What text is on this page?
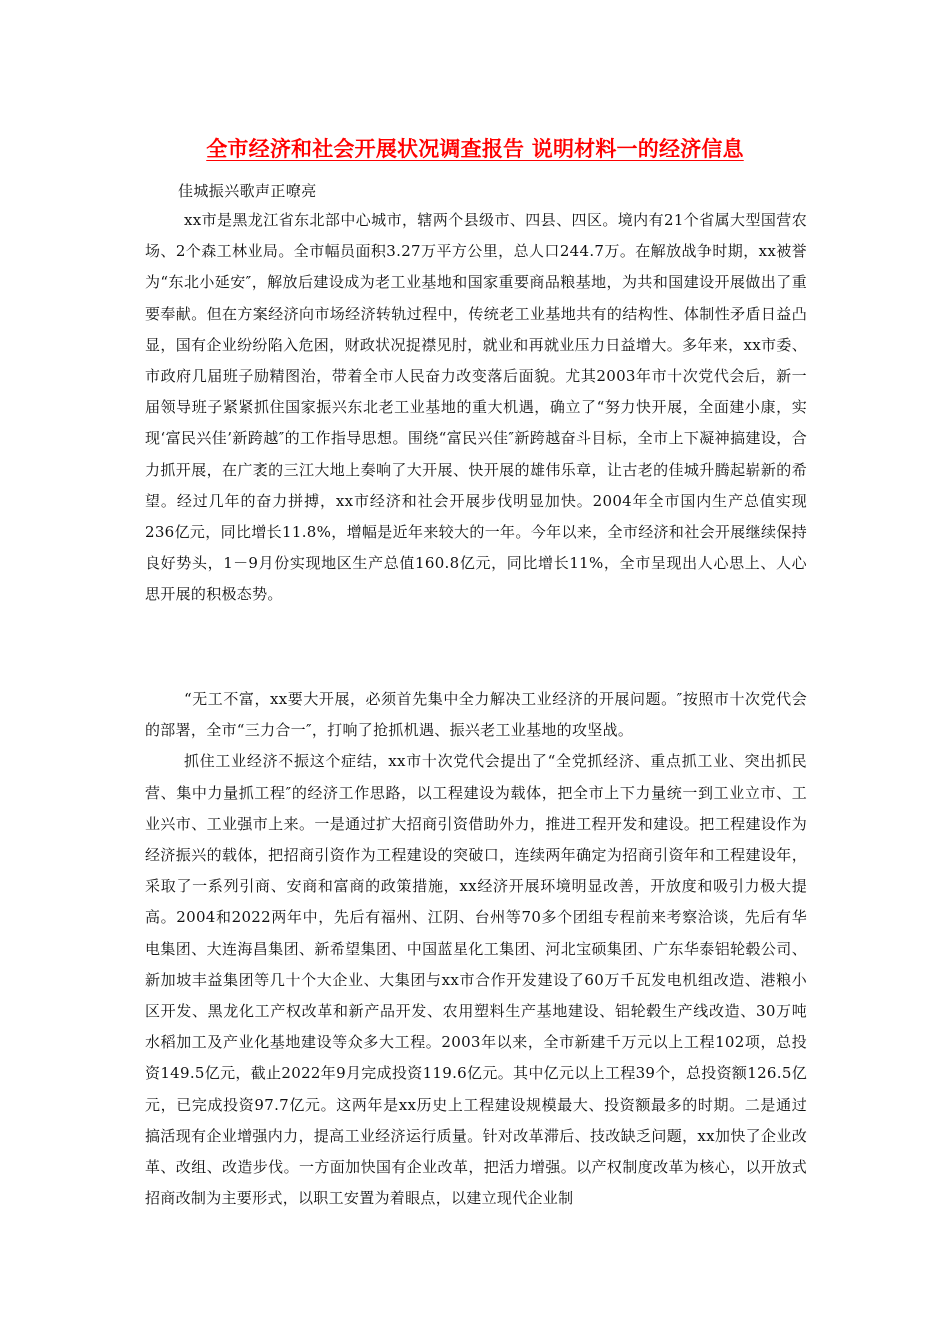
全市经济和社会开展状况调查报告 说明材料一的经济信息
佳城振兴歌声正嘹亮

xx市是黑龙江省东北部中心城市，辖两个县级市、四县、四区。境内有21个省属大型国营农场、2个森工林业局。全市幅员面积3.27万平方公里，总人口244.7万。在解放战争时期，xx被誉为“东北小延安″，解放后建设成为老工业基地和国家重要商品粮基地，为共和国建设开展做出了重要奉献。但在方案经济向市场经济转轨过程中，传统老工业基地共有的结构性、体制性矛盾日益凸显，国有企业纷纷陷入危困，财政状况捉襟见肘，就业和再就业压力日益增大。多年来，xx市委、市政府几届班子励精图治，带着全市人民奋力改变落后面貌。尤其2003年市十次党代会后，新一届领导班子紧紧抓住国家振兴东北老工业基地的重大机遇，确立了“努力快开展，全面建小康，实现‘富民兴佳’新跨越″的工作指导思想。围绕“富民兴佳″新跨越奋斗目标，全市上下凝神搞建设，合力抓开展，在广袤的三江大地上奏响了大开展、快开展的雄伟乐章，让古老的佳城升腾起崭新的希望。经过几年的奋力拼搏，xx市经济和社会开展步伐明显加快。2004年全市国内生产总值实现236亿元，同比增长11.8%，增幅是近年来较大的一年。今年以来，全市经济和社会开展继续保持良好势头，1－9月份实现地区生产总值160.8亿元，同比增长11%，全市呈现出人心思上、人心思开展的积极态势。

“无工不富，xx要大开展，必须首先集中全力解决工业经济的开展问题。″按照市十次党代会的部署，全市“三力合一″，打响了抢抓机遇、振兴老工业基地的攻坚战。

抓住工业经济不振这个症结，xx市十次党代会提出了“全党抓经济、重点抓工业、突出抓民营、集中力量抓工程″的经济工作思路，以工程建设为载体，把全市上下力量统一到工业立市、工业兴市、工业强市上来。一是通过扩大招商引资借助外力，推进工程开发和建设。把工程建设作为经济振兴的载体，把招商引资作为工程建设的突破口，连续两年确定为招商引资年和工程建设年，采取了一系列引商、安商和富商的政策措施，xx经济开展环境明显改善，开放度和吸引力极大提高。2004和2022两年中，先后有福州、江阴、台州等70多个团组专程前来考察洽谈，先后有华电集团、大连海昌集团、新希望集团、中国蓝星化工集团、河北宝硕集团、广东华泰铝轮毂公司、新加坡丰益集团等几十个大企业、大集团与xx市合作开发建设了60万千瓦发电机组改造、港粮小区开发、黑龙化工产权改革和新产品开发、农用塑料生产基地建设、铝轮毂生产线改造、30万吨水稻加工及产业化基地建设等众多大工程。2003年以来，全市新建千万元以上工程102项，总投资149.5亿元，截止2022年9月完成投资119.6亿元。其中亿元以上工程39个，总投资额126.5亿元，已完成投资97.7亿元。这两年是xx历史上工程建设规模最大、投资额最多的时期。二是通过搞活现有企业增强内力，提高工业经济运行质量。针对改革滞后、技改缺乏问题，xx加快了企业改革、改组、改造步伐。一方面加快国有企业改革，把活力增强。以产权制度改革为核心，以开放式招商改制为主要形式，以职工安置为着眼点，以建立现代企业制
